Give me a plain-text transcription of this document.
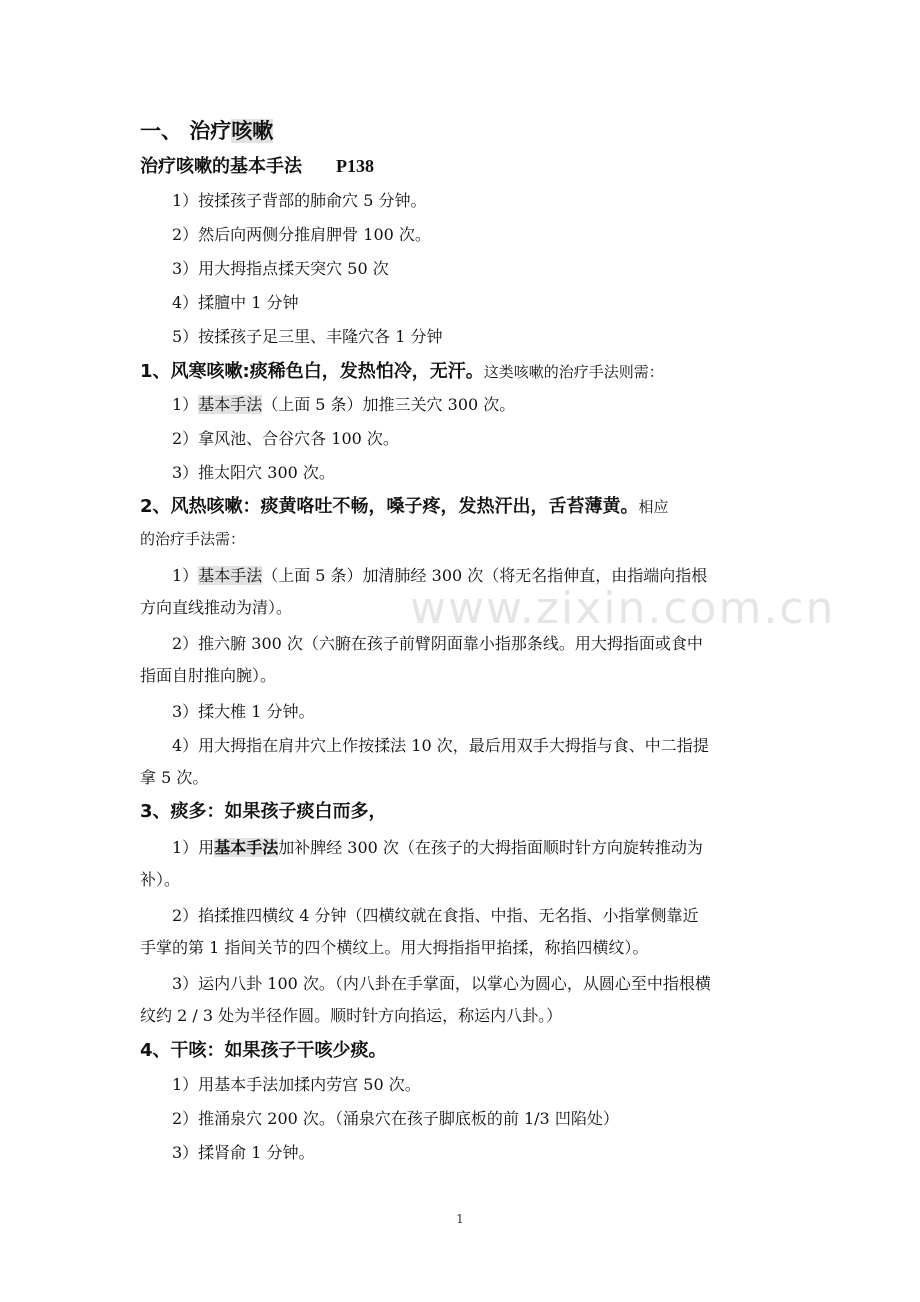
www.zixin.com.cn
一、 治疗咳嗽
治疗咳嗽的基本手法 P138
1）按揉孩子背部的肺俞穴 5 分钟。
2）然后向两侧分推肩胛骨 100 次。
3）用大拇指点揉天突穴 50 次
4）揉膻中 1 分钟
5）按揉孩子足三里、丰隆穴各 1 分钟
1、风寒咳嗽:痰稀色白，发热怕冷，无汗。这类咳嗽的治疗手法则需：
1）基本手法（上面 5 条）加推三关穴 300 次。
2）拿风池、合谷穴各 100 次。
3）推太阳穴 300 次。
2、风热咳嗽：痰黄咯吐不畅，嗓子疼，发热汗出，舌苔薄黄。相应
的治疗手法需：
1）基本手法（上面 5 条）加清肺经 300 次（将无名指伸直，由指端向指根
方向直线推动为清）。
2）推六腑 300 次（六腑在孩子前臂阴面靠小指那条线。用大拇指面或食中
指面自肘推向腕）。
3）揉大椎 1 分钟。
4）用大拇指在肩井穴上作按揉法 10 次，最后用双手大拇指与食、中二指提
拿 5 次。
3、痰多：如果孩子痰白而多，
1）用基本手法加补脾经 300 次（在孩子的大拇指面顺时针方向旋转推动为
补）。
2）掐揉推四横纹 4 分钟（四横纹就在食指、中指、无名指、小指掌侧靠近
手掌的第 1 指间关节的四个横纹上。用大拇指指甲掐揉，称掐四横纹）。
3）运内八卦 100 次。（内八卦在手掌面，以掌心为圆心，从圆心至中指根横
纹约 2 / 3 处为半径作圆。顺时针方向掐运，称运内八卦。）
4、干咳：如果孩子干咳少痰。
1）用基本手法加揉内劳宫 50 次。
2）推涌泉穴 200 次。（涌泉穴在孩子脚底板的前 1/3 凹陷处）
3）揉肾俞 1 分钟。
1
